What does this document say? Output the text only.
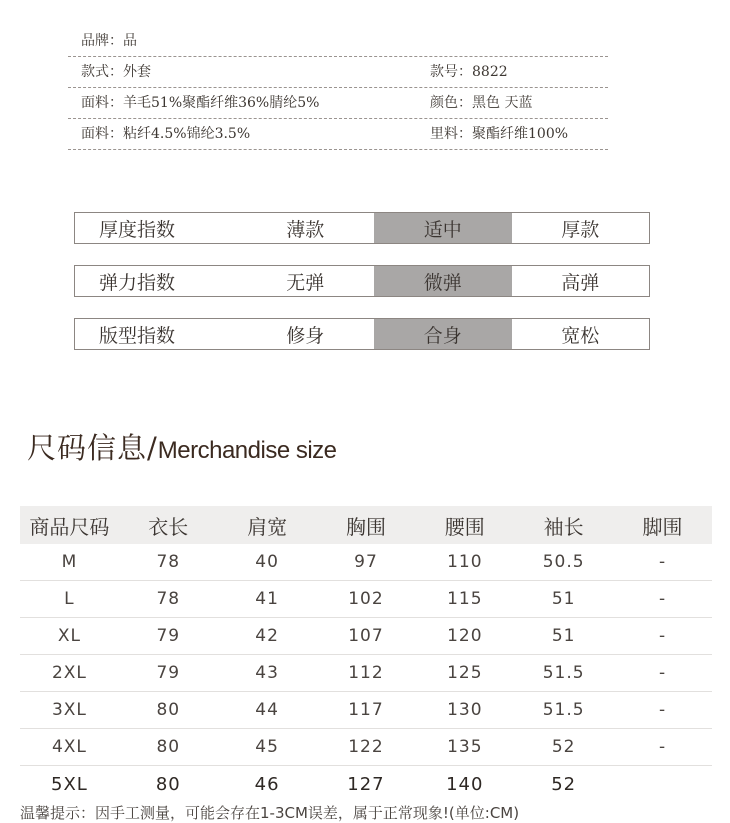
品牌：品
款式：外套	款号：8822
面料：羊毛51%聚酯纤维36%腈纶5%	颜色：黑色 天蓝
面料：粘纤4.5%锦纶3.5%	里料：聚酯纤维100%
厚度指数	薄款	适中	厚款
弹力指数	无弹	微弹	高弹
版型指数	修身	合身	宽松
尺码信息/Merchandise size
商品尺码	衣长	肩宽	胸围	腰围	袖长	脚围
M	78	40	97	110	50.5	-
L	78	41	102	115	51	-
XL	79	42	107	120	51	-
2XL	79	43	112	125	51.5	-
3XL	80	44	117	130	51.5	-
4XL	80	45	122	135	52	-
5XL	80	46	127	140	52	
温馨提示：因手工测量，可能会存在1-3CM误差，属于正常现象!(单位:CM)
